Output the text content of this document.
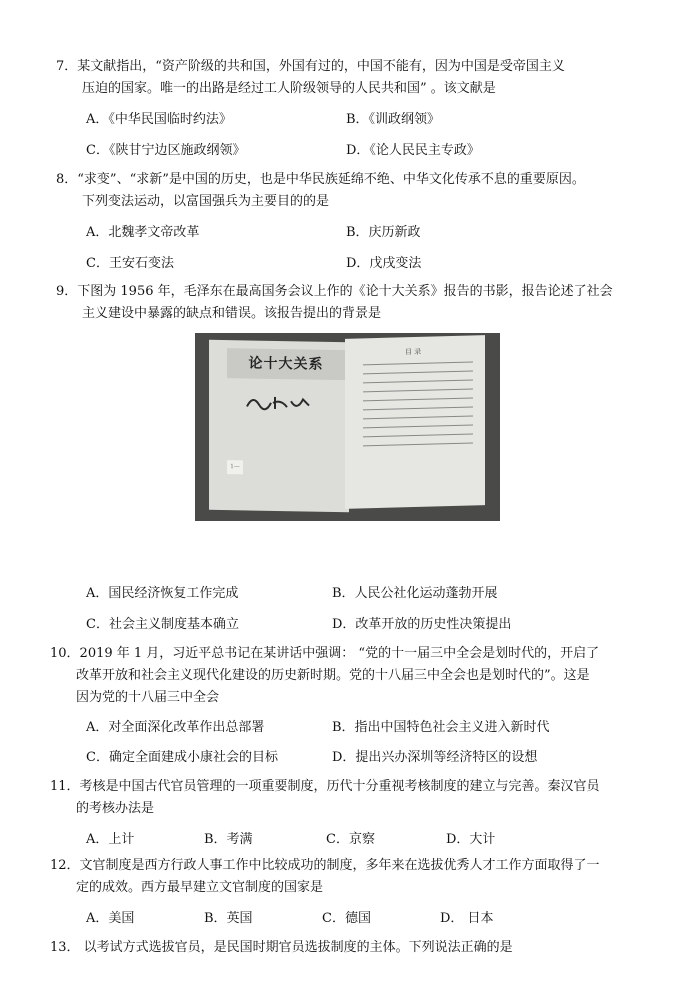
7．某文献指出，“资产阶级的共和国，外国有过的，中国不能有，因为中国是受帝国主义

压迫的国家。唯一的出路是经过工人阶级领导的人民共和国” 。该文献是

A．《中华民国临时约法》	B．《训政纲领》
C．《陕甘宁边区施政纲领》	D．《论人民民主专政》

8．“求变”、“求新”是中国的历史，也是中华民族延绵不绝、中华文化传承不息的重要原因。

下列变法运动，以富国强兵为主要目的的是

A．北魏孝文帝改革	B．庆历新政
C．王安石变法	D．戊戌变法

9．下图为 1956 年，毛泽东在最高国务会议上作的《论十大关系》报告的书影，报告论述了社会

主义建设中暴露的缺点和错误。该报告提出的背景是

论十大关系
1—
目 录
A．国民经济恢复工作完成	B．人民公社化运动蓬勃开展
C．社会主义制度基本确立	D．改革开放的历史性决策提出

10．2019 年 1 月，习近平总书记在某讲话中强调： “党的十一届三中全会是划时代的，开启了

改革开放和社会主义现代化建设的历史新时期。党的十八届三中全会也是划时代的”。这是

因为党的十八届三中全会

A．对全面深化改革作出总部署	B．指出中国特色社会主义进入新时代
C．确定全面建成小康社会的目标	D．提出兴办深圳等经济特区的设想

11．考核是中国古代官员管理的一项重要制度，历代十分重视考核制度的建立与完善。秦汉官员

的考核办法是

A．上计	B．考满	C．京察	D．大计

12．文官制度是西方行政人事工作中比较成功的制度，多年来在选拔优秀人才工作方面取得了一

定的成效。西方最早建立文官制度的国家是

A．美国	B．英国	C．德国	D． 日本

13． 以考试方式选拔官员，是民国时期官员选拔制度的主体。下列说法正确的是
